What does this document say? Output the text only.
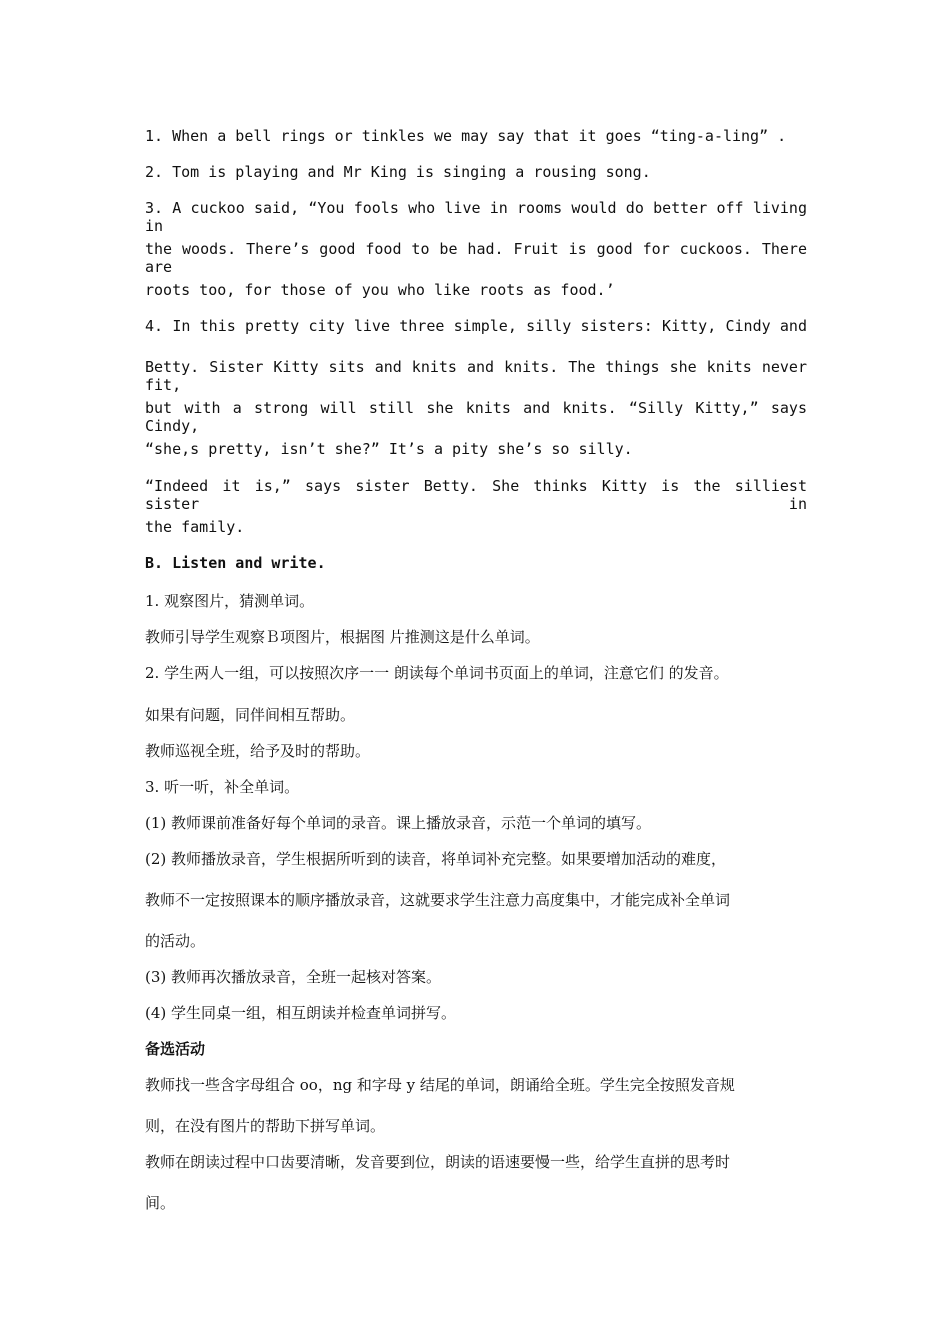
1. When a bell rings or tinkles we may say that it goes “ting-a-ling” .

2. Tom is playing and Mr King is singing a rousing song.

3. A cuckoo said, “You fools who live in rooms would do better off living in

the woods. There’s good food to be had. Fruit is good for cuckoos. There are

roots too, for those of you who like roots as food.’

4. In this pretty city live three simple, silly sisters: Kitty, Cindy and

Betty. Sister Kitty sits and knits and knits. The things she knits never fit,

but with a strong will still she knits and knits. “Silly Kitty,” says Cindy,

“she,s pretty, isn’t she?” It’s a pity she’s so silly.

“Indeed it is,” says sister Betty. She thinks Kitty is the silliest sister in

the family.

B. Listen and write.

1. 观察图片，猜测单词。

教师引导学生观察Ｂ项图片，根据图 片推测这是什么单词。

2. 学生两人一组，可以按照次序一一 朗读每个单词书页面上的单词，注意它们 的发音。

如果有问题，同伴间相互帮助。

教师巡视全班，给予及时的帮助。

3. 听一听，补全单词。

(1) 教师课前准备好每个单词的录音。课上播放录音，示范一个单词的填写。

(2) 教师播放录音，学生根据所听到的读音，将单词补充完整。如果要增加活动的难度，

教师不一定按照课本的顺序播放录音，这就要求学生注意力高度集中，才能完成补全单词

的活动。

(3) 教师再次播放录音，全班一起核对答案。

(4) 学生同桌一组，相互朗读并检查单词拼写。

备选活动

教师找一些含字母组合 oo，ng 和字母 y 结尾的单词，朗诵给全班。学生完全按照发音规

则，在没有图片的帮助下拼写单词。

教师在朗读过程中口齿要清晰，发音要到位，朗读的语速要慢一些，给学生直拼的思考时

间。
